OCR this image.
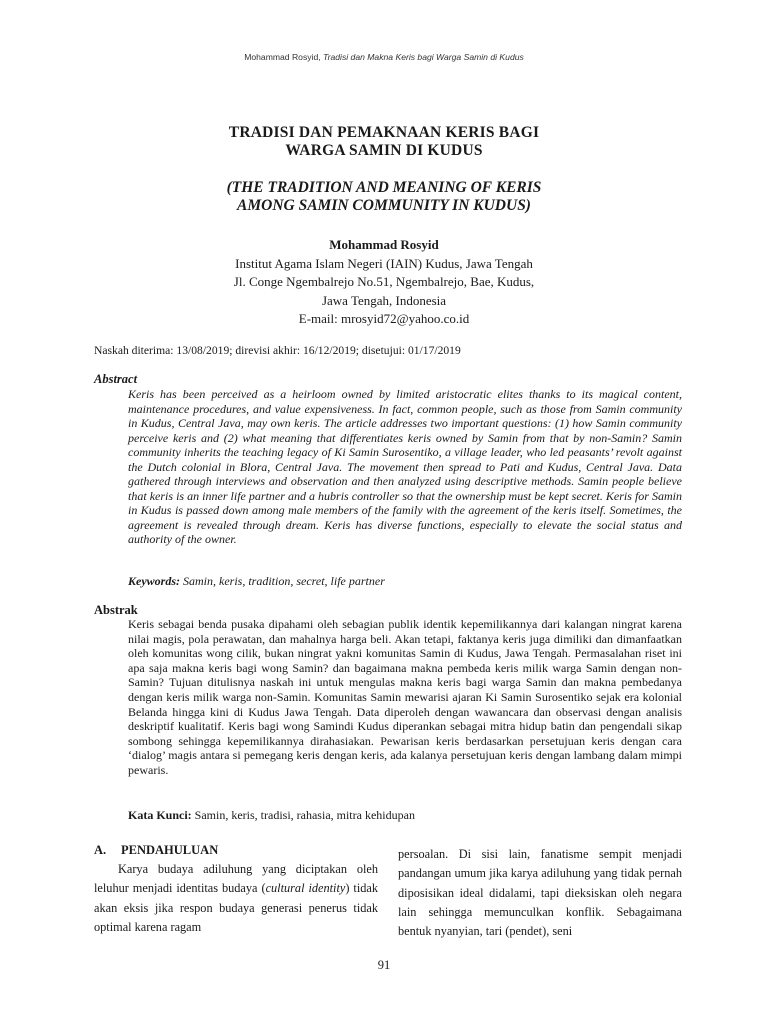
Mohammad Rosyid, Tradisi dan Makna Keris bagi Warga Samin di Kudus
TRADISI DAN PEMAKNAAN KERIS BAGI
WARGA SAMIN DI KUDUS
(THE TRADITION AND MEANING OF KERIS
AMONG SAMIN COMMUNITY IN KUDUS)
Mohammad Rosyid
Institut Agama Islam Negeri (IAIN) Kudus, Jawa Tengah
Jl. Conge Ngembalrejo No.51, Ngembalrejo, Bae, Kudus,
Jawa Tengah, Indonesia
E-mail: mrosyid72@yahoo.co.id
Naskah diterima: 13/08/2019; direvisi akhir: 16/12/2019; disetujui: 01/17/2019
Abstract
Keris has been perceived as a heirloom owned by limited aristocratic elites thanks to its magical content, maintenance procedures, and value expensiveness. In fact, common people, such as those from Samin community in Kudus, Central Java, may own keris. The article addresses two important questions: (1) how Samin community perceive keris and (2) what meaning that differentiates keris owned by Samin from that by non-Samin? Samin community inherits the teaching legacy of Ki Samin Surosentiko, a village leader, who led peasants’ revolt against the Dutch colonial in Blora, Central Java. The movement then spread to Pati and Kudus, Central Java. Data gathered through interviews and observation and then analyzed using descriptive methods. Samin people believe that keris is an inner life partner and a hubris controller so that the ownership must be kept secret. Keris for Samin in Kudus is passed down among male members of the family with the agreement of the keris itself. Sometimes, the agreement is revealed through dream. Keris has diverse functions, especially to elevate the social status and authority of the owner.
Keywords: Samin, keris, tradition, secret, life partner
Abstrak
Keris sebagai benda pusaka dipahami oleh sebagian publik identik kepemilikannya dari kalangan ningrat karena nilai magis, pola perawatan, dan mahalnya harga beli. Akan tetapi, faktanya keris juga dimiliki dan dimanfaatkan oleh komunitas wong cilik, bukan ningrat yakni komunitas Samin di Kudus, Jawa Tengah. Permasalahan riset ini apa saja makna keris bagi wong Samin? dan bagaimana makna pembeda keris milik warga Samin dengan non-Samin? Tujuan ditulisnya naskah ini untuk mengulas makna keris bagi warga Samin dan makna pembedanya dengan keris milik warga non-Samin. Komunitas Samin mewarisi ajaran Ki Samin Surosentiko sejak era kolonial Belanda hingga kini di Kudus Jawa Tengah. Data diperoleh dengan wawancara dan observasi dengan analisis deskriptif kualitatif. Keris bagi wong Samindi Kudus diperankan sebagai mitra hidup batin dan pengendali sikap sombong sehingga kepemilikannya dirahasiakan. Pewarisan keris berdasarkan persetujuan keris dengan cara ‘dialog’ magis antara si pemegang keris dengan keris, ada kalanya persetujuan keris dengan lambang dalam mimpi pewaris.
Kata Kunci: Samin, keris, tradisi, rahasia, mitra kehidupan
A. PENDAHULUAN

Karya budaya adiluhung yang diciptakan oleh leluhur menjadi identitas budaya (cultural identity) tidak akan eksis jika respon budaya generasi penerus tidak optimal karena ragam

persoalan. Di sisi lain, fanatisme sempit menjadi pandangan umum jika karya adiluhung yang tidak pernah diposisikan ideal didalami, tapi dieksiskan oleh negara lain sehingga memunculkan konflik. Sebagaimana bentuk nyanyian, tari (pendet), seni

91
